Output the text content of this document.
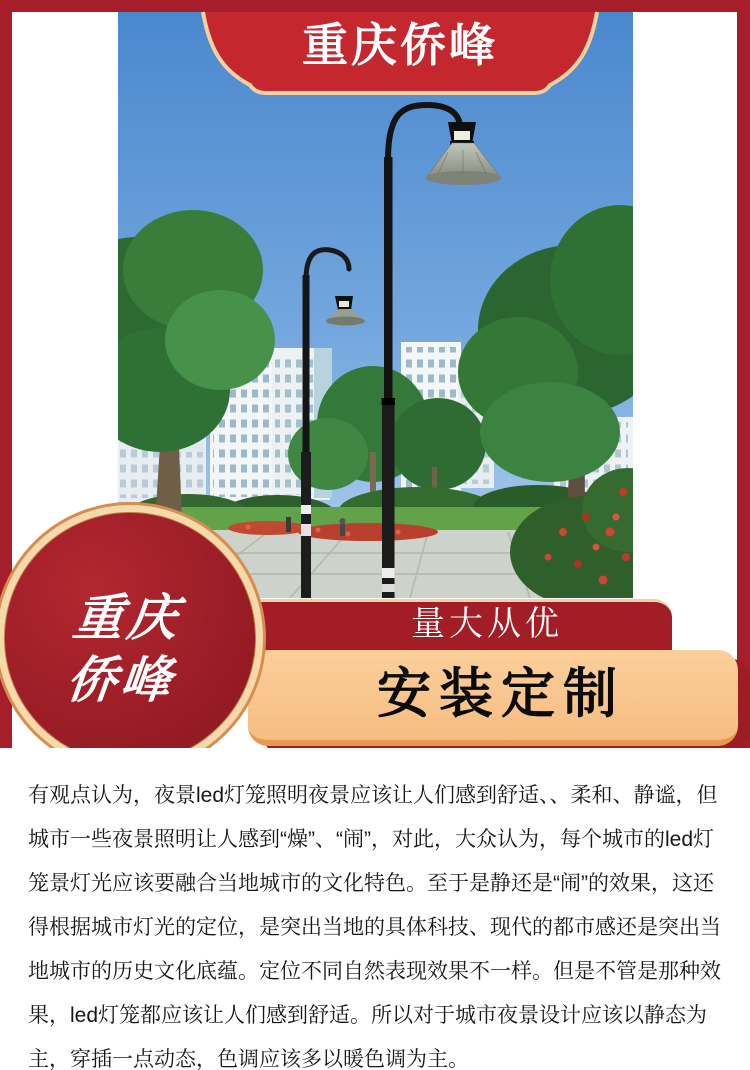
重庆侨峰
量大从优
安装定制
重庆
侨峰

有观点认为，夜景led灯笼照明夜景应该让人们感到舒适、、柔和、静谧，但城市一些夜景照明让人感到“燥”、“闹”，对此，大众认为，每个城市的led灯笼景灯光应该要融合当地城市的文化特色。至于是静还是“闹”的效果，这还得根据城市灯光的定位，是突出当地的具体科技、现代的都市感还是突出当地城市的历史文化底蕴。定位不同自然表现效果不一样。但是不管是那种效果，led灯笼都应该让人们感到舒适。所以对于城市夜景设计应该以静态为主，穿插一点动态，色调应该多以暖色调为主。
